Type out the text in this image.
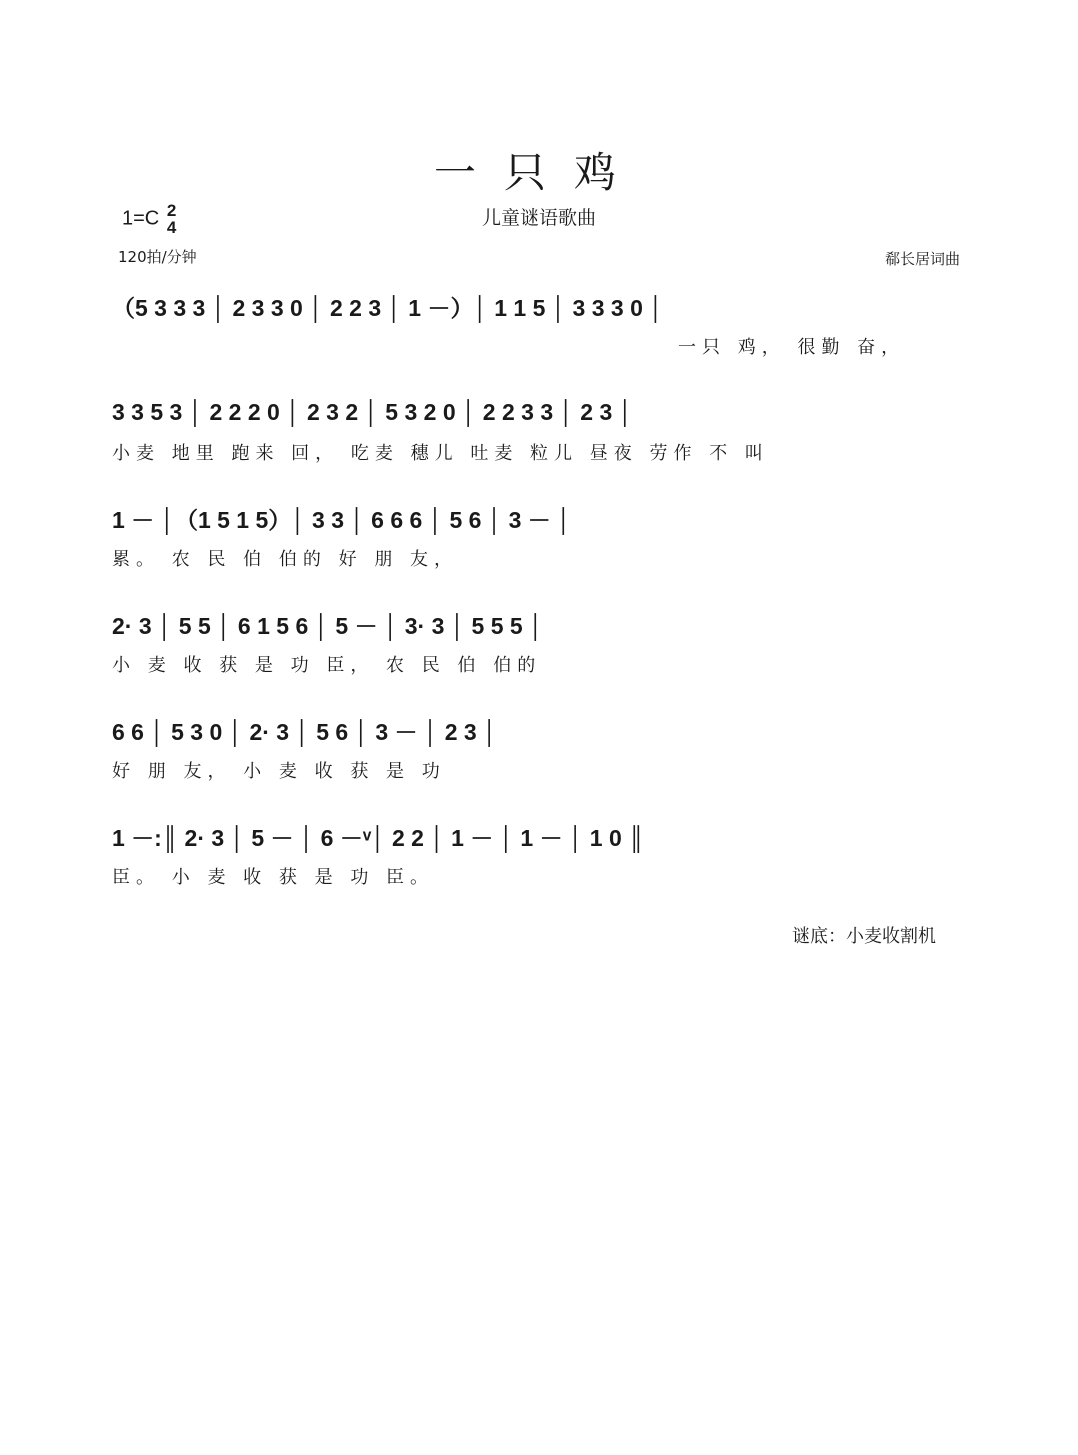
一只鸡
儿童谜语歌曲
1=C 2
4
120拍/分钟	郗长居词曲
（5 3 3 3 │ 2 3 3 0 │ 2 2 3 │ 1 －）│ 1 1 5 │ 3 3 3 0 │
一只 鸡， 很勤 奋，
3 3 5 3 │ 2 2 2 0 │ 2 3 2 │ 5 3 2 0 │ 2 2 3 3 │ 2 3 │
小麦 地里 跑来 回， 吃麦 穗儿 吐麦 粒儿 昼夜 劳作 不 叫
1 － │（1 5 1 5）│ 3 3 │ 6 6 6 │ 5 6 │ 3 － │
累。 农 民 伯 伯的 好 朋 友，
2· 3 │ 5 5 │ 6 1 5 6 │ 5 － │ 3· 3 │ 5 5 5 │
小 麦 收 获 是 功 臣， 农 民 伯 伯的
6 6 │ 5 3 0 │ 2· 3 │ 5 6 │ 3 － │ 2 3 │
好 朋 友， 小 麦 收 获 是 功
1 －:║ 2· 3 │ 5 － │ 6 －ᵛ│ 2 2 │ 1 － │ 1 － │ 1 0 ║
臣。 小 麦 收 获 是 功 臣。
谜底：小麦收割机
